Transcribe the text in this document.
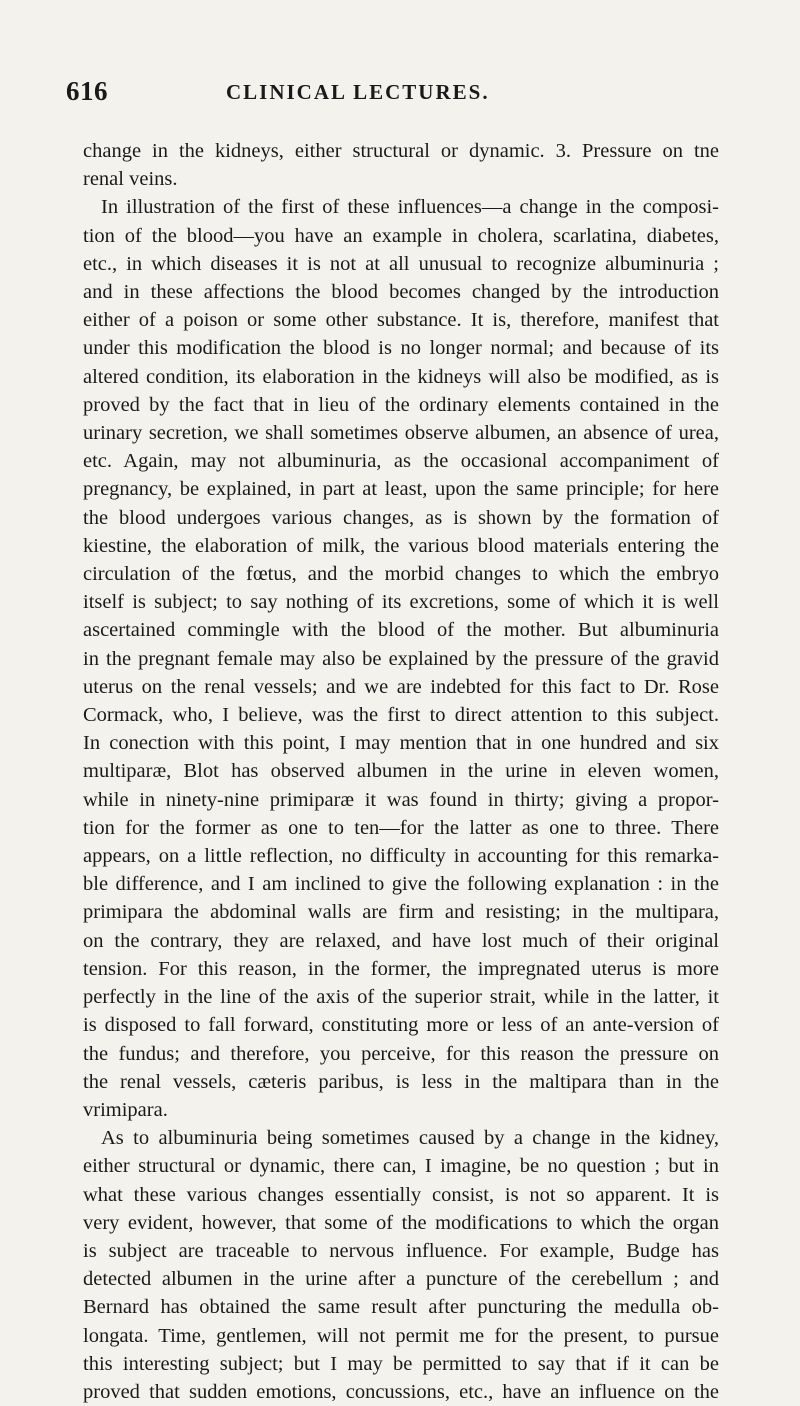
616	CLINICAL LECTURES.
change in the kidneys, either structural or dynamic. 3. Pressure on tne
renal veins.
In illustration of the first of these influences—a change in the composi-
tion of the blood—you have an example in cholera, scarlatina, diabetes,
etc., in which diseases it is not at all unusual to recognize albuminuria ;
and in these affections the blood becomes changed by the introduction
either of a poison or some other substance. It is, therefore, manifest that
under this modification the blood is no longer normal; and because of its
altered condition, its elaboration in the kidneys will also be modified, as is
proved by the fact that in lieu of the ordinary elements contained in the
urinary secretion, we shall sometimes observe albumen, an absence of urea,
etc. Again, may not albuminuria, as the occasional accompaniment of
pregnancy, be explained, in part at least, upon the same principle; for here
the blood undergoes various changes, as is shown by the formation of
kiestine, the elaboration of milk, the various blood materials entering the
circulation of the fœtus, and the morbid changes to which the embryo
itself is subject; to say nothing of its excretions, some of which it is well
ascertained commingle with the blood of the mother. But albuminuria
in the pregnant female may also be explained by the pressure of the gravid
uterus on the renal vessels; and we are indebted for this fact to Dr. Rose
Cormack, who, I believe, was the first to direct attention to this subject.
In conection with this point, I may mention that in one hundred and six
multiparæ, Blot has observed albumen in the urine in eleven women,
while in ninety-nine primiparæ it was found in thirty; giving a propor-
tion for the former as one to ten—for the latter as one to three. There
appears, on a little reflection, no difficulty in accounting for this remarka-
ble difference, and I am inclined to give the following explanation : in the
primipara the abdominal walls are firm and resisting; in the multipara,
on the contrary, they are relaxed, and have lost much of their original
tension. For this reason, in the former, the impregnated uterus is more
perfectly in the line of the axis of the superior strait, while in the latter, it
is disposed to fall forward, constituting more or less of an ante-version of
the fundus; and therefore, you perceive, for this reason the pressure on
the renal vessels, cæteris paribus, is less in the maltipara than in the
vrimipara.
As to albuminuria being sometimes caused by a change in the kidney,
either structural or dynamic, there can, I imagine, be no question ; but in
what these various changes essentially consist, is not so apparent. It is
very evident, however, that some of the modifications to which the organ
is subject are traceable to nervous influence. For example, Budge has
detected albumen in the urine after a puncture of the cerebellum ; and
Bernard has obtained the same result after puncturing the medulla ob-
longata. Time, gentlemen, will not permit me for the present, to pursue
this interesting subject; but I may be permitted to say that if it can be
proved that sudden emotions, concussions, etc., have an influence on the
